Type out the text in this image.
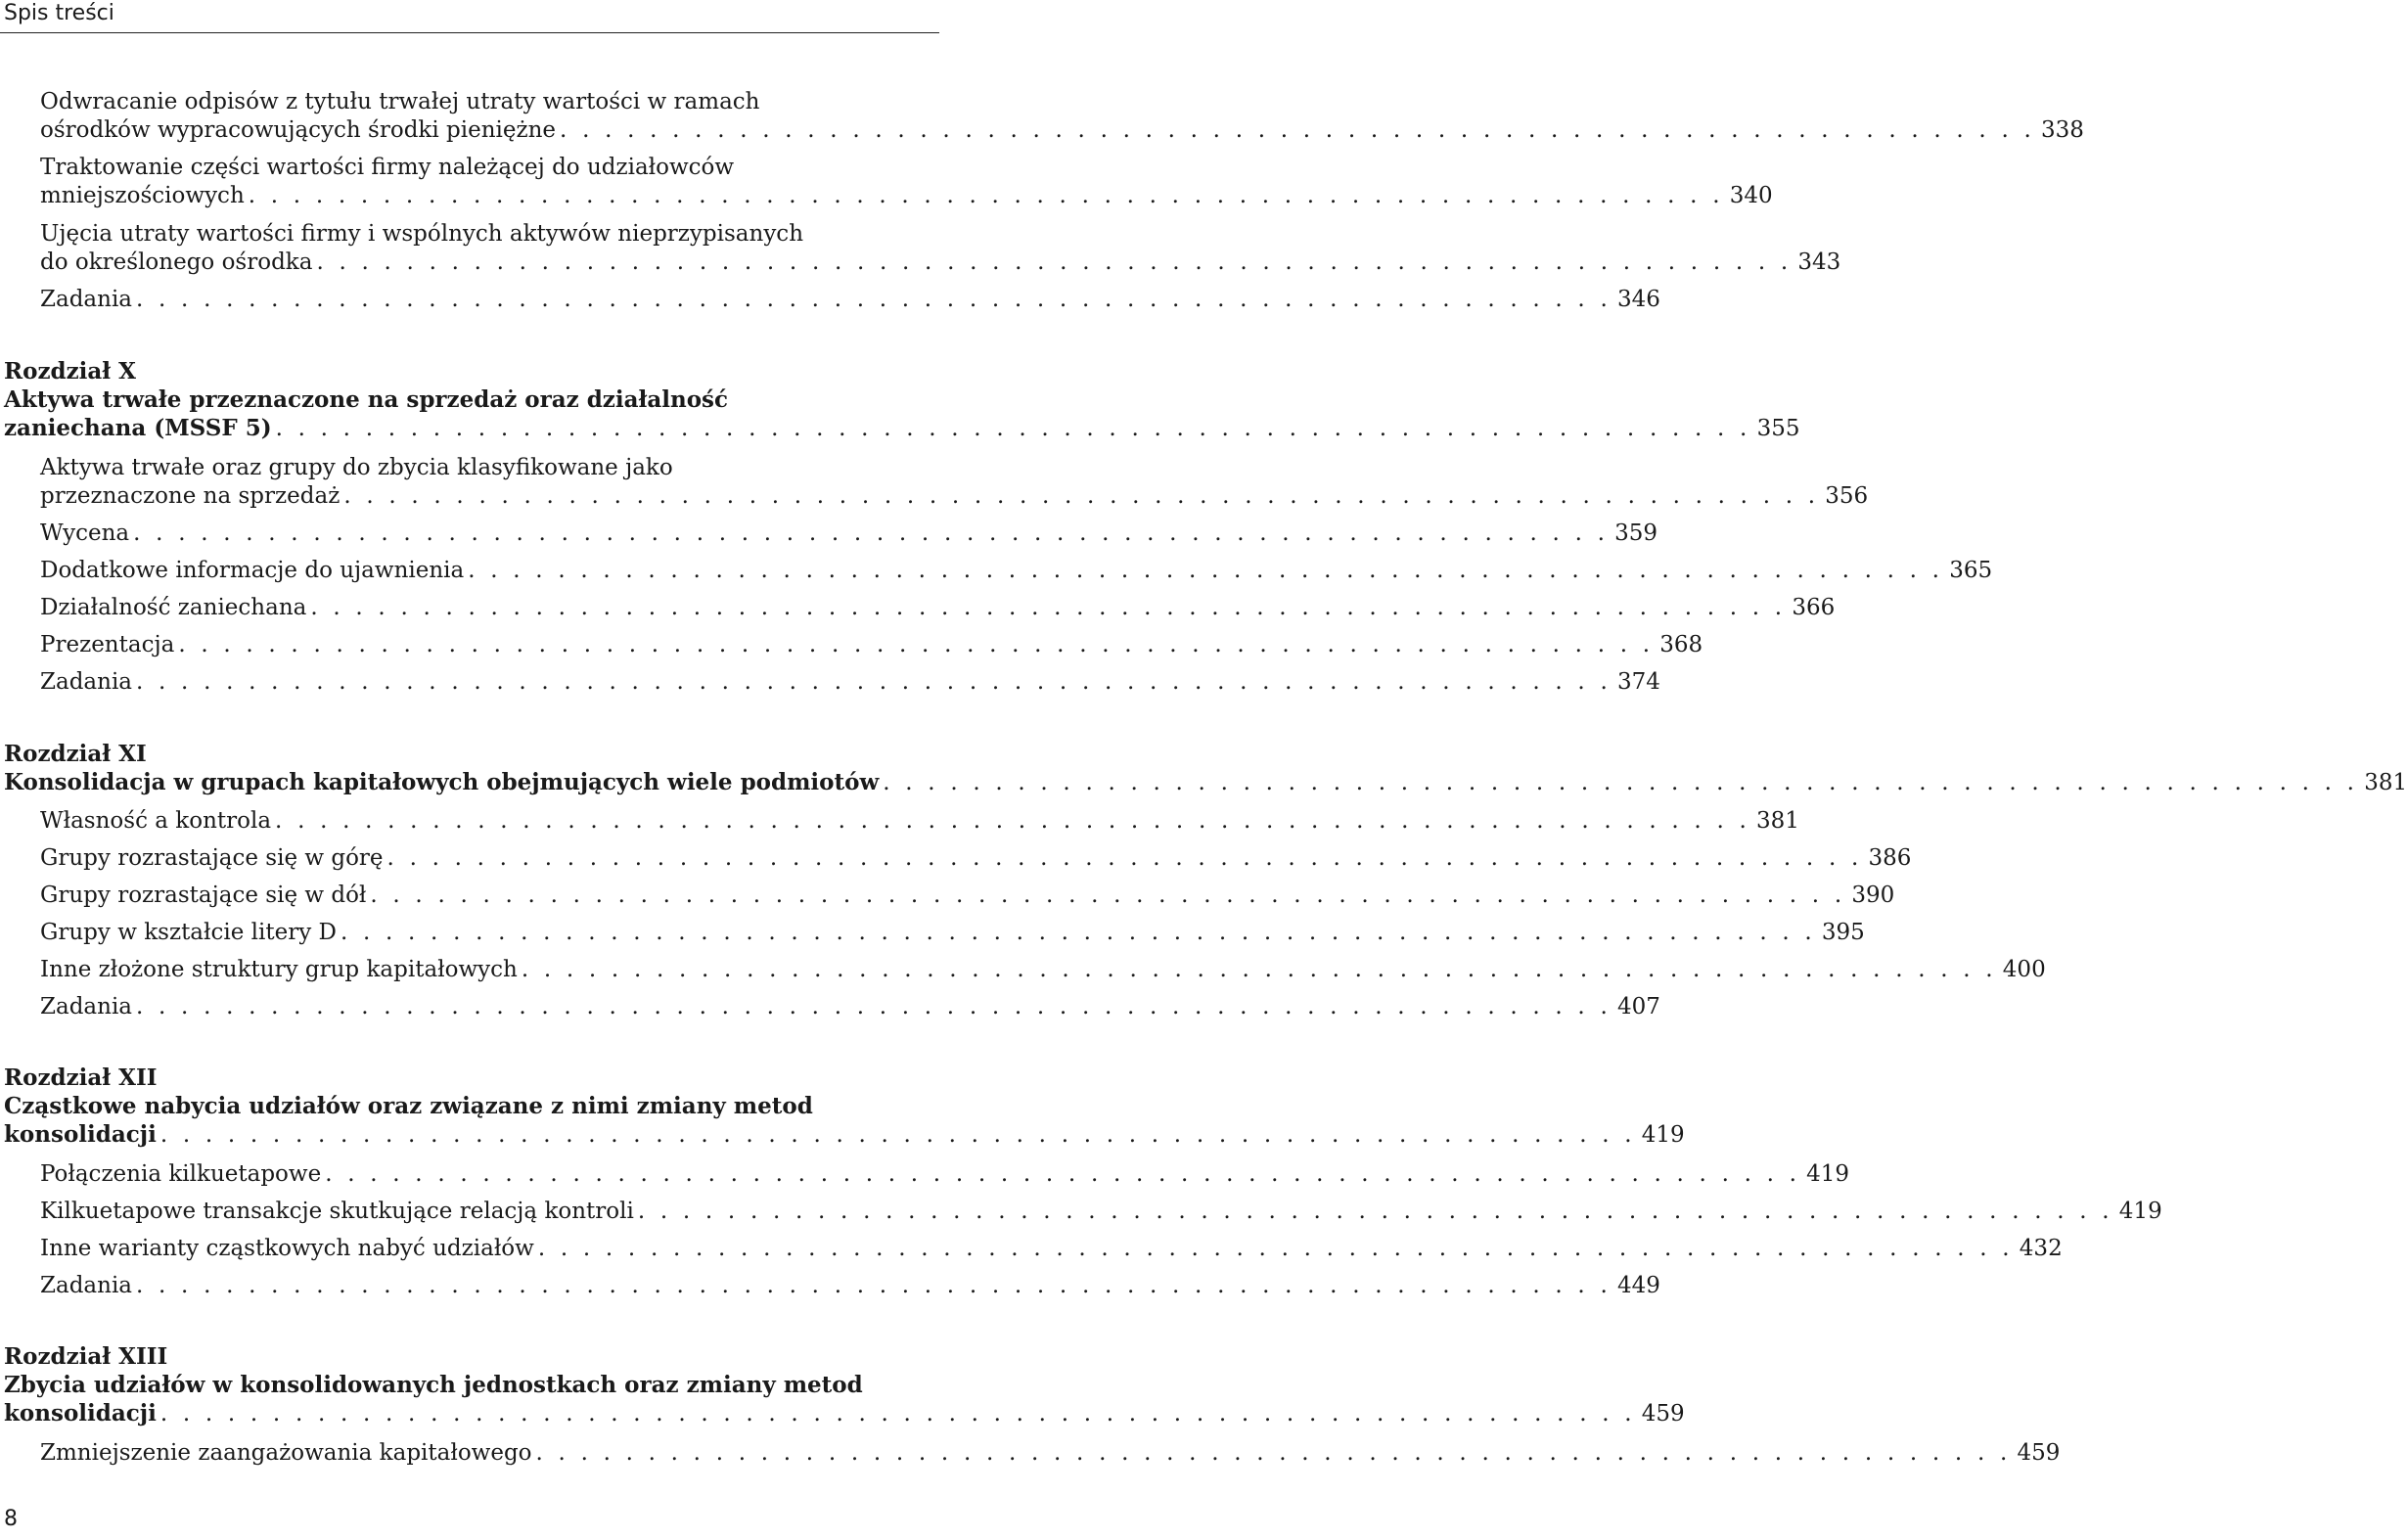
Spis treści
Odwracanie odpisów z tytułu trwałej utraty wartości w ramach
ośrodków wypracowujących środki pieniężne . . . . . . . . . . . . . . . . . . . . . . . . . . . . . . . . . . . . . . . . . . . . . . . . . . . . . . . . . . . . . . . . . . 338
Traktowanie części wartości firmy należącej do udziałowców
mniejszościowych . . . . . . . . . . . . . . . . . . . . . . . . . . . . . . . . . . . . . . . . . . . . . . . . . . . . . . . . . . . . . . . . . . 340
Ujęcia utraty wartości firmy i wspólnych aktywów nieprzypisanych
do określonego ośrodka . . . . . . . . . . . . . . . . . . . . . . . . . . . . . . . . . . . . . . . . . . . . . . . . . . . . . . . . . . . . . . . . . . 343
Zadania . . . . . . . . . . . . . . . . . . . . . . . . . . . . . . . . . . . . . . . . . . . . . . . . . . . . . . . . . . . . . . . . . . 346
Rozdział X
Aktywa trwałe przeznaczone na sprzedaż oraz działalność
zaniechana (MSSF 5) . . . . . . . . . . . . . . . . . . . . . . . . . . . . . . . . . . . . . . . . . . . . . . . . . . . . . . . . . . . . . . . . . . 355
Aktywa trwałe oraz grupy do zbycia klasyfikowane jako
przeznaczone na sprzedaż . . . . . . . . . . . . . . . . . . . . . . . . . . . . . . . . . . . . . . . . . . . . . . . . . . . . . . . . . . . . . . . . . . 356
Wycena . . . . . . . . . . . . . . . . . . . . . . . . . . . . . . . . . . . . . . . . . . . . . . . . . . . . . . . . . . . . . . . . . . 359
Dodatkowe informacje do ujawnienia . . . . . . . . . . . . . . . . . . . . . . . . . . . . . . . . . . . . . . . . . . . . . . . . . . . . . . . . . . . . . . . . . . 365
Działalność zaniechana . . . . . . . . . . . . . . . . . . . . . . . . . . . . . . . . . . . . . . . . . . . . . . . . . . . . . . . . . . . . . . . . . . 366
Prezentacja . . . . . . . . . . . . . . . . . . . . . . . . . . . . . . . . . . . . . . . . . . . . . . . . . . . . . . . . . . . . . . . . . . 368
Zadania . . . . . . . . . . . . . . . . . . . . . . . . . . . . . . . . . . . . . . . . . . . . . . . . . . . . . . . . . . . . . . . . . . 374
Rozdział XI
Konsolidacja w grupach kapitałowych obejmujących wiele podmiotów . . . . . . . . . . . . . . . . . . . . . . . . . . . . . . . . . . . . . . . . . . . . . . . . . . . . . . . . . . . . . . . . . . 381
Własność a kontrola . . . . . . . . . . . . . . . . . . . . . . . . . . . . . . . . . . . . . . . . . . . . . . . . . . . . . . . . . . . . . . . . . . 381
Grupy rozrastające się w górę . . . . . . . . . . . . . . . . . . . . . . . . . . . . . . . . . . . . . . . . . . . . . . . . . . . . . . . . . . . . . . . . . . 386
Grupy rozrastające się w dół . . . . . . . . . . . . . . . . . . . . . . . . . . . . . . . . . . . . . . . . . . . . . . . . . . . . . . . . . . . . . . . . . . 390
Grupy w kształcie litery D . . . . . . . . . . . . . . . . . . . . . . . . . . . . . . . . . . . . . . . . . . . . . . . . . . . . . . . . . . . . . . . . . . 395
Inne złożone struktury grup kapitałowych . . . . . . . . . . . . . . . . . . . . . . . . . . . . . . . . . . . . . . . . . . . . . . . . . . . . . . . . . . . . . . . . . . 400
Zadania . . . . . . . . . . . . . . . . . . . . . . . . . . . . . . . . . . . . . . . . . . . . . . . . . . . . . . . . . . . . . . . . . . 407
Rozdział XII
Cząstkowe nabycia udziałów oraz związane z nimi zmiany metod
konsolidacji . . . . . . . . . . . . . . . . . . . . . . . . . . . . . . . . . . . . . . . . . . . . . . . . . . . . . . . . . . . . . . . . . . 419
Połączenia kilkuetapowe . . . . . . . . . . . . . . . . . . . . . . . . . . . . . . . . . . . . . . . . . . . . . . . . . . . . . . . . . . . . . . . . . . 419
Kilkuetapowe transakcje skutkujące relacją kontroli . . . . . . . . . . . . . . . . . . . . . . . . . . . . . . . . . . . . . . . . . . . . . . . . . . . . . . . . . . . . . . . . . . 419
Inne warianty cząstkowych nabyć udziałów . . . . . . . . . . . . . . . . . . . . . . . . . . . . . . . . . . . . . . . . . . . . . . . . . . . . . . . . . . . . . . . . . . 432
Zadania . . . . . . . . . . . . . . . . . . . . . . . . . . . . . . . . . . . . . . . . . . . . . . . . . . . . . . . . . . . . . . . . . . 449
Rozdział XIII
Zbycia udziałów w konsolidowanych jednostkach oraz zmiany metod
konsolidacji . . . . . . . . . . . . . . . . . . . . . . . . . . . . . . . . . . . . . . . . . . . . . . . . . . . . . . . . . . . . . . . . . . 459
Zmniejszenie zaangażowania kapitałowego . . . . . . . . . . . . . . . . . . . . . . . . . . . . . . . . . . . . . . . . . . . . . . . . . . . . . . . . . . . . . . . . . . 459
8
